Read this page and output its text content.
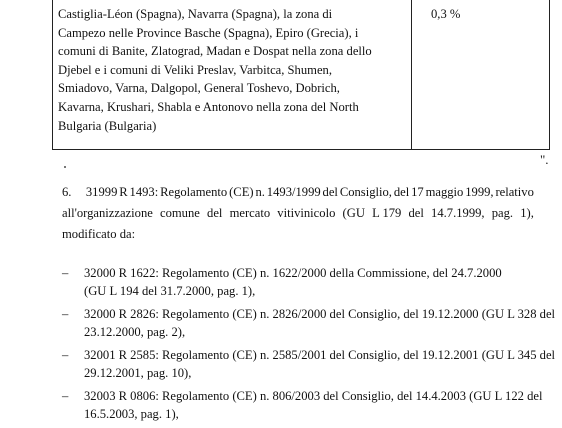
Castiglia-Léon (Spagna), Navarra (Spagna), la zona di
Campezo nelle Province Basche (Spagna), Epiro (Grecia), i
comuni di Banite, Zlatograd, Madan e Dospat nella zona dello
Djebel e i comuni di Veliki Preslav, Varbitca, Shumen,
Smiadovo, Varna, Dalgopol, General Toshevo, Dobrich,
Kavarna, Krushari, Shabla e Antonovo nella zona del North
Bulgaria (Bulgaria)
0,3 %
".
6.	31999 R 1493: Regolamento (CE) n. 1493/1999 del Consiglio, del 17 maggio 1999, relativo
all'organizzazione comune del mercato vitivinicolo (GU L 179 del 14.7.1999, pag. 1),
modificato da:
– 32000 R 1622: Regolamento (CE) n. 1622/2000 della Commissione, del 24.7.2000
(GU L 194 del 31.7.2000, pag. 1),
– 32000 R 2826: Regolamento (CE) n. 2826/2000 del Consiglio, del 19.12.2000 (GU L 328 del
23.12.2000, pag. 2),
– 32001 R 2585: Regolamento (CE) n. 2585/2001 del Consiglio, del 19.12.2001 (GU L 345 del
29.12.2001, pag. 10),
– 32003 R 0806: Regolamento (CE) n. 806/2003 del Consiglio, del 14.4.2003 (GU L 122 del
16.5.2003, pag. 1),
